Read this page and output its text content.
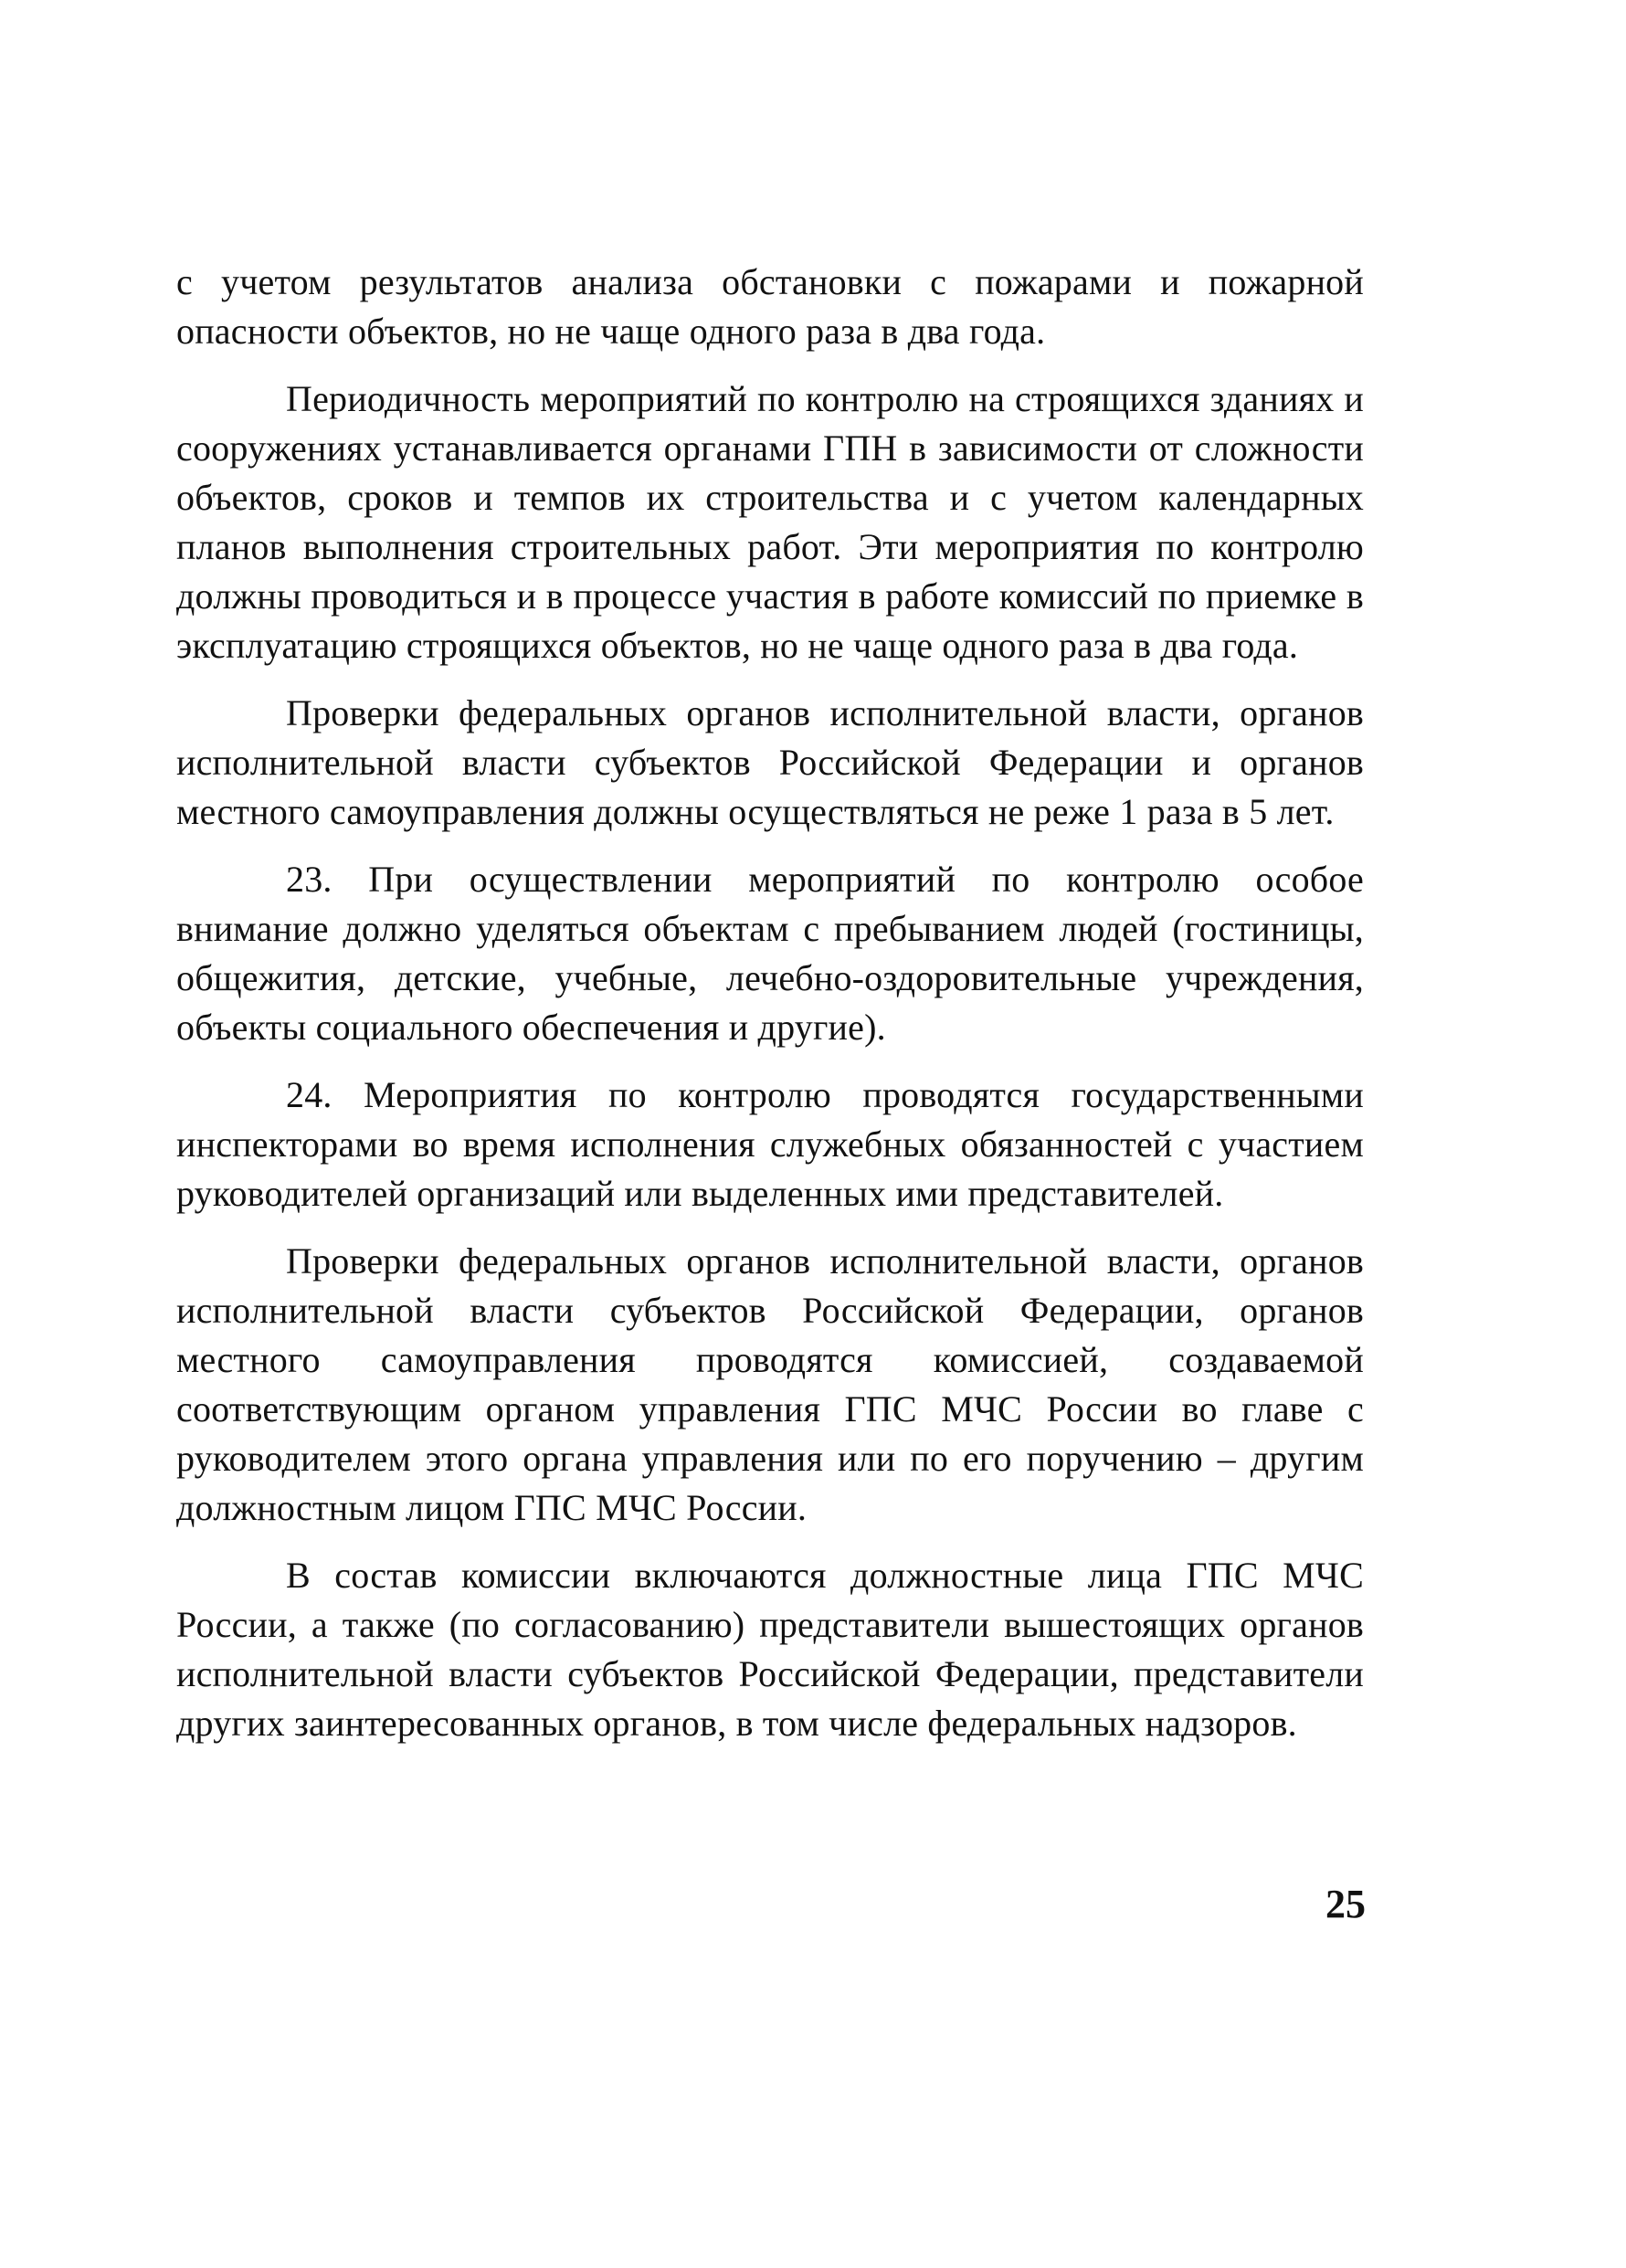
с учетом результатов анализа обстановки с пожарами и пожарной опасности объектов, но не чаще одного раза в два года.

Периодичность мероприятий по контролю на строящихся зданиях и сооружениях устанавливается органами ГПН в зависимости от сложности объектов, сроков и темпов их строительства и с учетом календарных планов выполнения строительных работ. Эти мероприятия по контролю должны проводиться и в процессе участия в работе комиссий по приемке в эксплуатацию строящихся объектов, но не чаще одного раза в два года.

Проверки федеральных органов исполнительной власти, органов исполнительной власти субъектов Российской Федерации и органов местного самоуправления должны осуществляться не реже 1 раза в 5 лет.

23. При осуществлении мероприятий по контролю особое внимание должно уделяться объектам с пребыванием людей (гостиницы, общежития, детские, учебные, лечебно-оздоровительные учреждения, объекты социального обеспечения и другие).

24. Мероприятия по контролю проводятся государственными инспекторами во время исполнения служебных обязанностей с участием руководителей организаций или выделенных ими представителей.

Проверки федеральных органов исполнительной власти, органов исполнительной власти субъектов Российской Федерации, органов местного самоуправления проводятся комиссией, создаваемой соответствующим органом управления ГПС МЧС России во главе с руководителем этого органа управления или по его поручению – другим должностным лицом ГПС МЧС России.

В состав комиссии включаются должностные лица ГПС МЧС России, а также (по согласованию) представители вышестоящих органов исполнительной власти субъектов Российской Федерации, представители других заинтересованных органов, в том числе федеральных надзоров.

25
